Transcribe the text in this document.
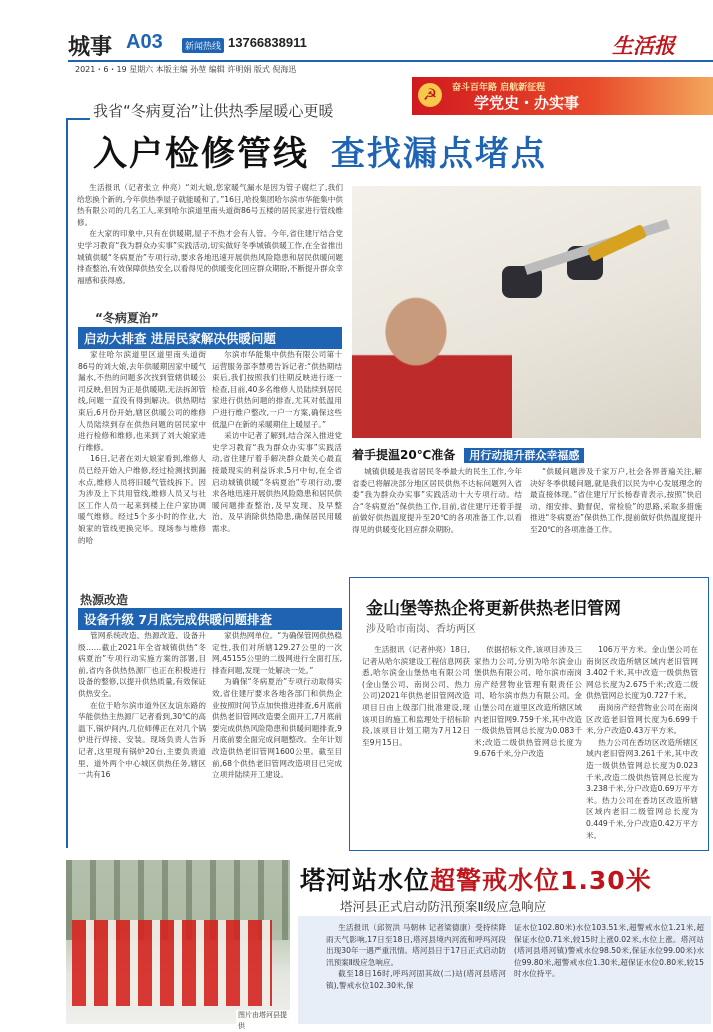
城事 A03	新闻热线 13766838911	生活报
2021・6・19 星期六 本版主编 孙堃 编辑 许明娟 版式 倪海迅
☭	奋斗百年路 启航新征程
学党史・办实事
我省“冬病夏治”让供热季屋暖心更暖
入户检修管线 查找漏点堵点

生活报讯（记者张立 仲亮）“刘大娘,您家暖气漏水是因为管子腐烂了,我们给您换个新的,今年供热季屋子就能暖和了。”16日,哈投集团哈尔滨市华能集中供热有限公司的几名工人,来到哈尔滨道里南头道街86号五楼的居民家进行管线维修。

在大家的印象中,只有在供暖期,屋子不热才会有人管。今年,省住建厅结合党史学习教育“我为群众办实事”实践活动,切实做好冬季城镇供暖工作,在全省推出城镇供暖“冬病夏治”专项行动,要求各地迅速开展供热风险隐患和居民供暖问题排查整治,有效保障供热安全,以看得见的供暖变化回应群众期盼,不断提升群众幸福感和获得感。

着手提温20℃准备 用行动提升群众幸福感
“冬病夏治”
启动大排查 进居民家解决供暖问题

家住哈尔滨道里区道里南头道街86号的刘大娘,去年供暖期因家中暖气漏水,不热的问题多次找到管辖供暖公司反映,但因为正是供暖期,无法拆卸管线,问题一直没有得到解决。供热期结束后,6月份开始,辖区供暖公司的维修人员陆续到存在供热问题的居民家中进行检修和维修,也来到了刘大娘家进行维修。

16日,记者在刘大娘家看到,维修人员已经开始入户维修,经过检测找到漏水点,维修人员将旧暖气管线拆下。因为涉及上下共用管线,维修人员又与社区工作人员一起来到楼上住户家协调暖气维修。经过5个多小时的作业,大娘家的管线更换完毕。现场参与维修的哈

尔滨市华能集中供热有限公司第十运营服务部李慧勇告诉记者:“供热期结束后,我们按照我们往期反映进行逐一检查,目前,40多名维修人员陆续到居民家进行供热问题的排查,尤其对低温用户进行维户整改,一户一方案,确保这些低温户在新的采暖期住上暖屋子。”

采访中记者了解到,结合深入推进党史学习教育“我为群众办实事”实践活动,省住建厅着手解决群众最关心最直接最现实的利益诉求,5月中旬,在全省启动城镇供暖“冬病夏治”专项行动,要求各地迅速开展供热风险隐患和居民供暖问题排查整治,及早发现、及早整治、及早消除供热隐患,确保居民用暖需求。

城镇供暖是我省居民冬季最大的民生工作,今年省委已将解决部分地区居民供热不达标问题列入省委“我为群众办实事”实践活动十大专项行动。结合“冬病夏治”保供热工作,目前,省住建厅还着手提前做好供热温度提升至20℃的各项准备工作,以看得见的供暖变化回应群众期盼。

“供暖问题涉及千家万户,社会各界普遍关注,解决好冬季供暖问题,就是我们以民为中心发展理念的最直接体现。”省住建厅厅长杨春青表示,按照“快启动、细安排、勤督促、常检验”的思路,采取多措施推进“冬病夏治”保供热工作,提前做好供热温度提升至20℃的各项准备工作。

热源改造
设备升级 7月底完成供暖问题排查

管网系统改造、热源改造、设备升级……截止2021年全省城镇供热“冬病夏治”专项行动实施方案的部署,目前,省内各供热热源厂也正在积极进行设备的整修,以提升供热质量,有效保证供热安全。

在位于哈尔滨市道外区友谊东路的华能供热主热源厂记者看到,30℃的高温下,锅炉间内,几位师傅正在对几个锅炉进行焊接、安装。现场负责人告诉记者,这里现有锅炉20台,主要负责道里、道外两个中心城区供热任务,辖区一共有16

家供热网单位。“为确保管网供热稳定性,我们对所辖129.27公里的一次网,45155公里的二级网进行全面打压,排查问题,发现一处解决一处。”

为确保“冬病夏治”专项行动取得实效,省住建厅要求各地各部门和供热企业按照时间节点加快推进排查,6月底前供热老旧管网改造要全面开工,7月底前要完成供热风险隐患和供暖问题排查,9月底前要全面完成问题整改。全年计划改造供热老旧管网1600公里。截至目前,68个供热老旧管网改造项目已完成立项并陆续开工建设。

金山堡等热企将更新供热老旧管网
涉及哈市南岗、香坊两区

生活报讯（记者仲亮）18日,记者从哈尔滨建设工程信息网获悉,哈尔滨金山堡热电有限公司(金山堡公司、南岗公司、热力公司)2021年供热老旧管网改造项目日由上级部门批准建设,现该项目的施工和监理处于招标阶段,该项目计划工期为7月12日至9月15日。

依据招标文件,该项目涉及三家热力公司,分别为哈尔滨金山堡供热有限公司、哈尔滨市南岗房产经营物业管理有限责任公司、哈尔滨市热力有限公司。金山堡公司在道里区改造所辖区域内老旧管网9.759千米,其中改造一级供热管网总长度为0.083千米;改造二级供热管网总长度为9.676千米,分户改造

106万平方米。金山堡公司在南岗区改造所辖区域内老旧管网3.402千米,其中改造一级供热管网总长度为2.675千米;改造二级供热管网总长度为0.727千米。

南岗房产经营物业公司在南岗区改造老旧管网长度为6.699千米,分户改造0.43万平方米。

热力公司在香坊区改造所辖区域内老旧管网3.261千米,其中改造一级供热管网总长度为0.023千米,改造二级供热管网总长度为3.238千米,分户改造0.69万平方米。热力公司在香坊区改造所辖区域内老旧二级管网总长度为0.449千米,分户改造0.42万平方米。

塔河站水位超警戒水位1.30米
塔河县正式启动防汛预案Ⅱ级应急响应
图片由塔河县提供

生活报讯（邱贺洪 马朝林 记者梁德康）受持续降雨天气影响,17日至18日,塔河县境内河流和呼玛河段出现30年一遇严重汛情。塔河县日于17日正式启动防汛预案Ⅱ级应急响应。

截至18日16时,呼玛河固其故(二)站(塔河县塔河镇),警戒水位102.30米,保

证水位102.80米)水位103.51米,超警戒水位1.21米,超保证水位0.71米,较15时上涨0.02米,水位上涨。塔河站(塔河县塔河镇)警戒水位98.50米,保证水位99.00米)水位99.80米,超警戒水位1.30米,超保证水位0.80米,较15时水位持平。
